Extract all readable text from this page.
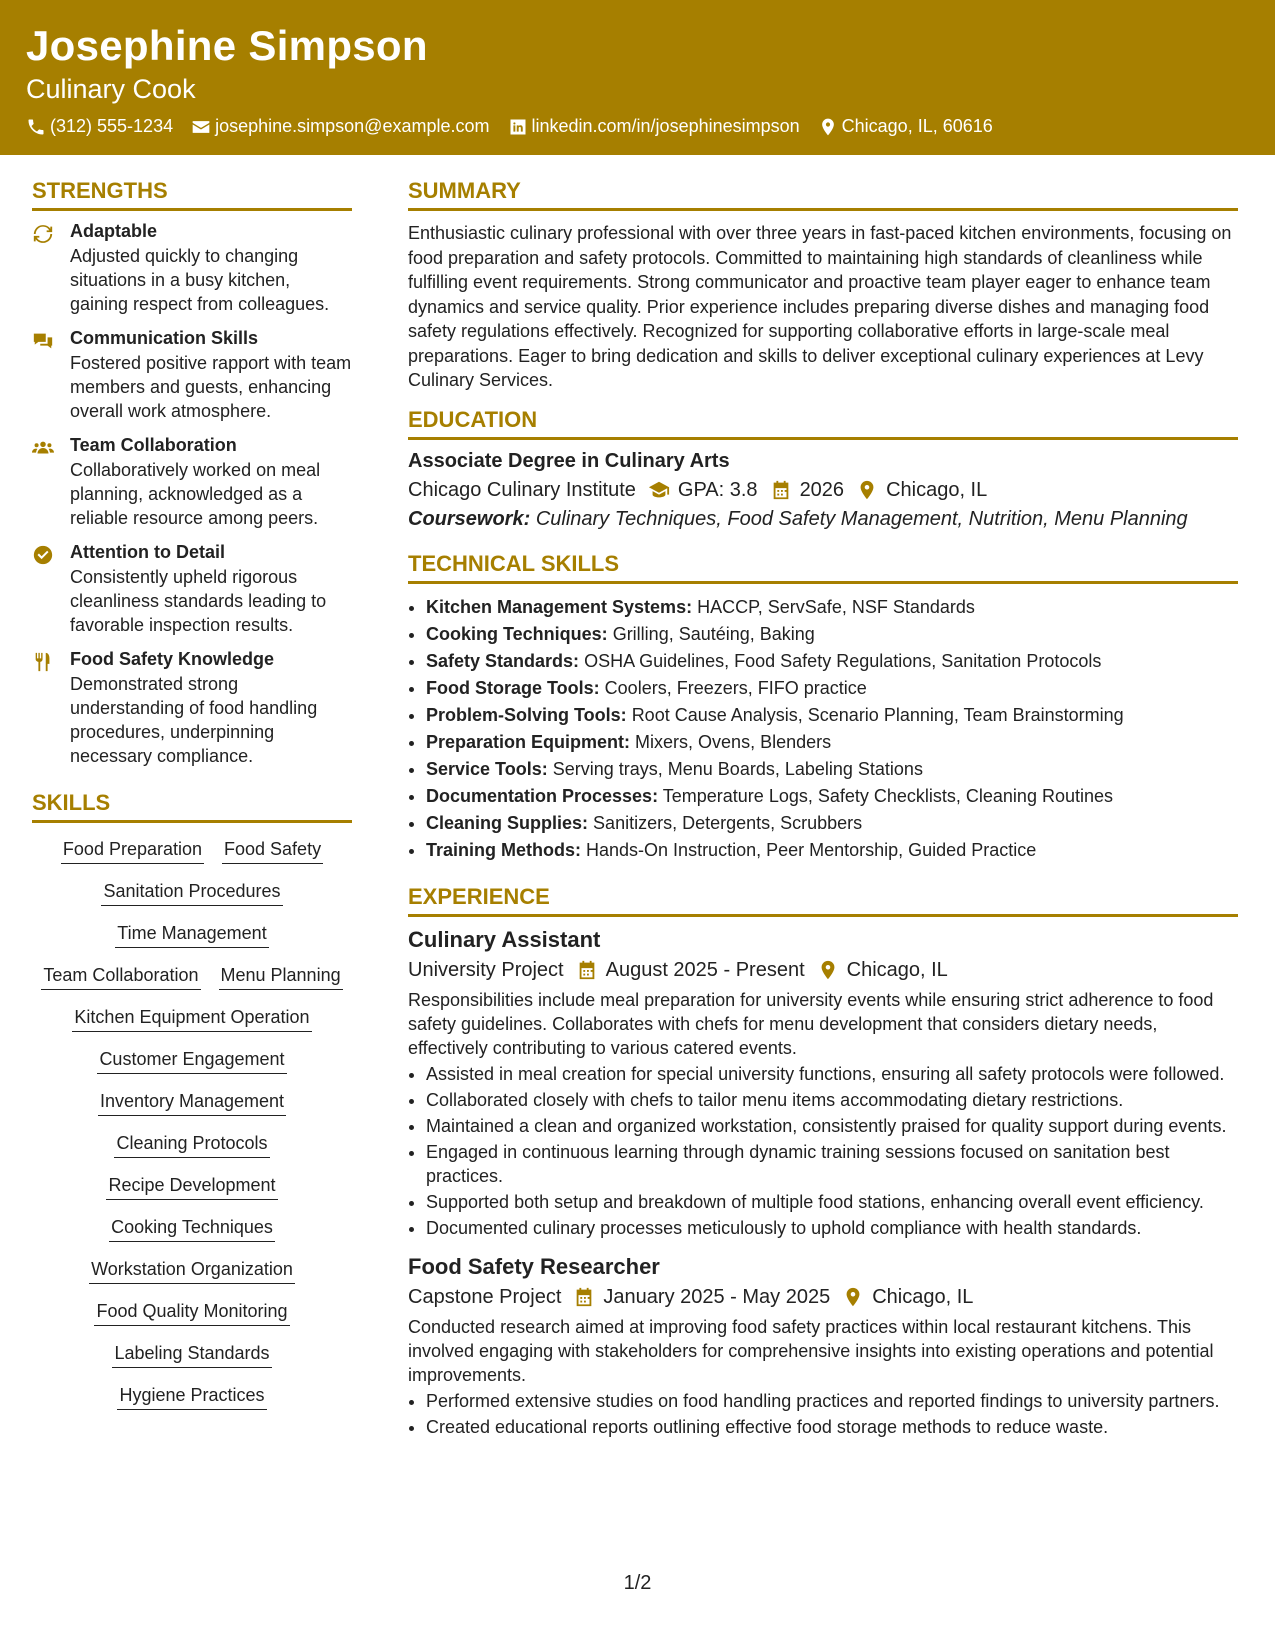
Josephine Simpson
Culinary Cook
(312) 555-1234 josephine.simpson@example.com linkedin.com/in/josephinesimpson Chicago, IL, 60616
STRENGTHS
Adaptable
Adjusted quickly to changing situations in a busy kitchen, gaining respect from colleagues.
Communication Skills
Fostered positive rapport with team members and guests, enhancing overall work atmosphere.
Team Collaboration
Collaboratively worked on meal planning, acknowledged as a reliable resource among peers.
Attention to Detail
Consistently upheld rigorous cleanliness standards leading to favorable inspection results.
Food Safety Knowledge
Demonstrated strong understanding of food handling procedures, underpinning necessary compliance.
SKILLS
Food Preparation Food Safety
Sanitation Procedures
Time Management
Team Collaboration Menu Planning
Kitchen Equipment Operation
Customer Engagement
Inventory Management
Cleaning Protocols
Recipe Development
Cooking Techniques
Workstation Organization
Food Quality Monitoring
Labeling Standards
Hygiene Practices
SUMMARY
Enthusiastic culinary professional with over three years in fast-paced kitchen environments, focusing on food preparation and safety protocols. Committed to maintaining high standards of cleanliness while fulfilling event requirements. Strong communicator and proactive team player eager to enhance team dynamics and service quality. Prior experience includes preparing diverse dishes and managing food safety regulations effectively. Recognized for supporting collaborative efforts in large-scale meal preparations. Eager to bring dedication and skills to deliver exceptional culinary experiences at Levy Culinary Services.
EDUCATION
Associate Degree in Culinary Arts
Chicago Culinary Institute GPA: 3.8 2026 Chicago, IL
Coursework: Culinary Techniques, Food Safety Management, Nutrition, Menu Planning
TECHNICAL SKILLS
• Kitchen Management Systems: HACCP, ServSafe, NSF Standards
• Cooking Techniques: Grilling, Sautéing, Baking
• Safety Standards: OSHA Guidelines, Food Safety Regulations, Sanitation Protocols
• Food Storage Tools: Coolers, Freezers, FIFO practice
• Problem-Solving Tools: Root Cause Analysis, Scenario Planning, Team Brainstorming
• Preparation Equipment: Mixers, Ovens, Blenders
• Service Tools: Serving trays, Menu Boards, Labeling Stations
• Documentation Processes: Temperature Logs, Safety Checklists, Cleaning Routines
• Cleaning Supplies: Sanitizers, Detergents, Scrubbers
• Training Methods: Hands-On Instruction, Peer Mentorship, Guided Practice
EXPERIENCE
Culinary Assistant
University Project August 2025 - Present Chicago, IL
Responsibilities include meal preparation for university events while ensuring strict adherence to food safety guidelines. Collaborates with chefs for menu development that considers dietary needs, effectively contributing to various catered events.
• Assisted in meal creation for special university functions, ensuring all safety protocols were followed.
• Collaborated closely with chefs to tailor menu items accommodating dietary restrictions.
• Maintained a clean and organized workstation, consistently praised for quality support during events.
• Engaged in continuous learning through dynamic training sessions focused on sanitation best practices.
• Supported both setup and breakdown of multiple food stations, enhancing overall event efficiency.
• Documented culinary processes meticulously to uphold compliance with health standards.
Food Safety Researcher
Capstone Project January 2025 - May 2025 Chicago, IL
Conducted research aimed at improving food safety practices within local restaurant kitchens. This involved engaging with stakeholders for comprehensive insights into existing operations and potential improvements.
• Performed extensive studies on food handling practices and reported findings to university partners.
• Created educational reports outlining effective food storage methods to reduce waste.
1/2
